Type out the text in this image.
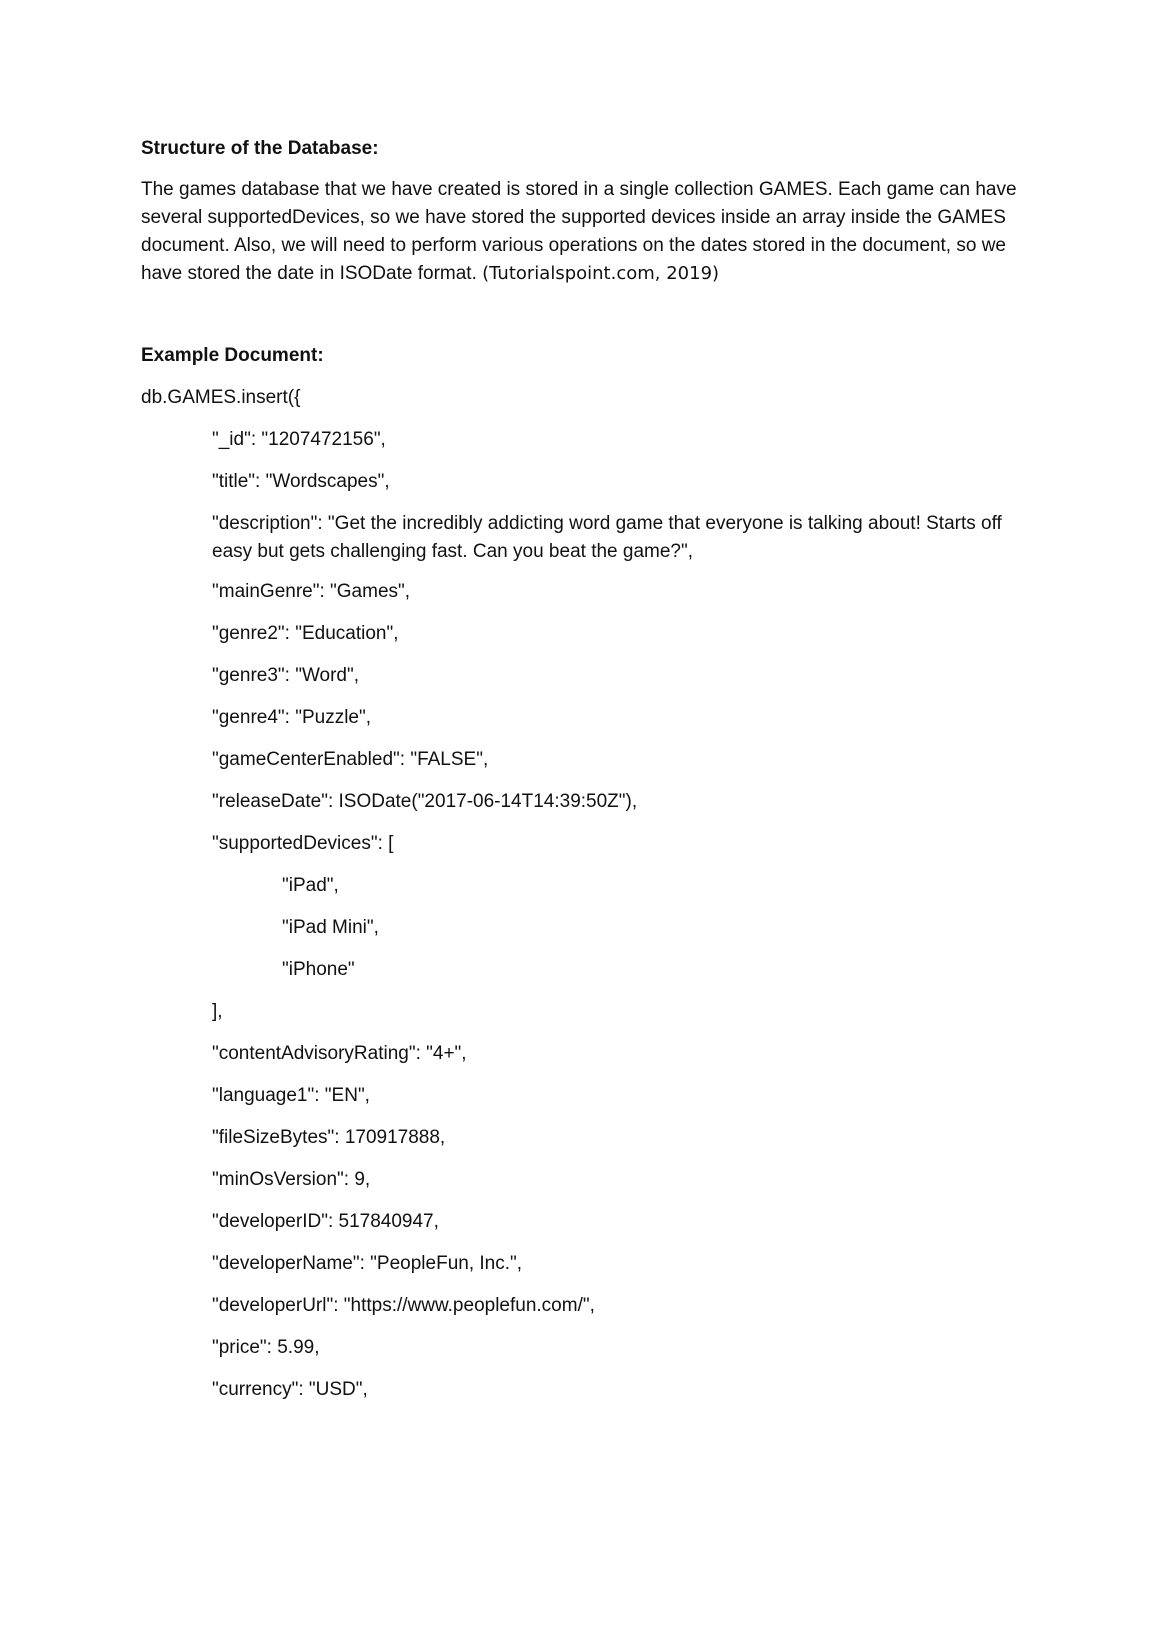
Structure of the Database:
The games database that we have created is stored in a single collection GAMES. Each game can have several supportedDevices, so we have stored the supported devices inside an array inside the GAMES document. Also, we will need to perform various operations on the dates stored in the document, so we have stored the date in ISODate format. (Tutorialspoint.com, 2019)
Example Document:
db.GAMES.insert({
"_id": "1207472156",
"title": "Wordscapes",
"description": "Get the incredibly addicting word game that everyone is talking about! Starts off easy but gets challenging fast. Can you beat the game?",
"mainGenre": "Games",
"genre2": "Education",
"genre3": "Word",
"genre4": "Puzzle",
"gameCenterEnabled": "FALSE",
"releaseDate": ISODate("2017-06-14T14:39:50Z"),
"supportedDevices": [
"iPad",
"iPad Mini",
"iPhone"
],
"contentAdvisoryRating": "4+",
"language1": "EN",
"fileSizeBytes": 170917888,
"minOsVersion": 9,
"developerID": 517840947,
"developerName": "PeopleFun, Inc.",
"developerUrl": "https://www.peoplefun.com/",
"price": 5.99,
"currency": "USD",
